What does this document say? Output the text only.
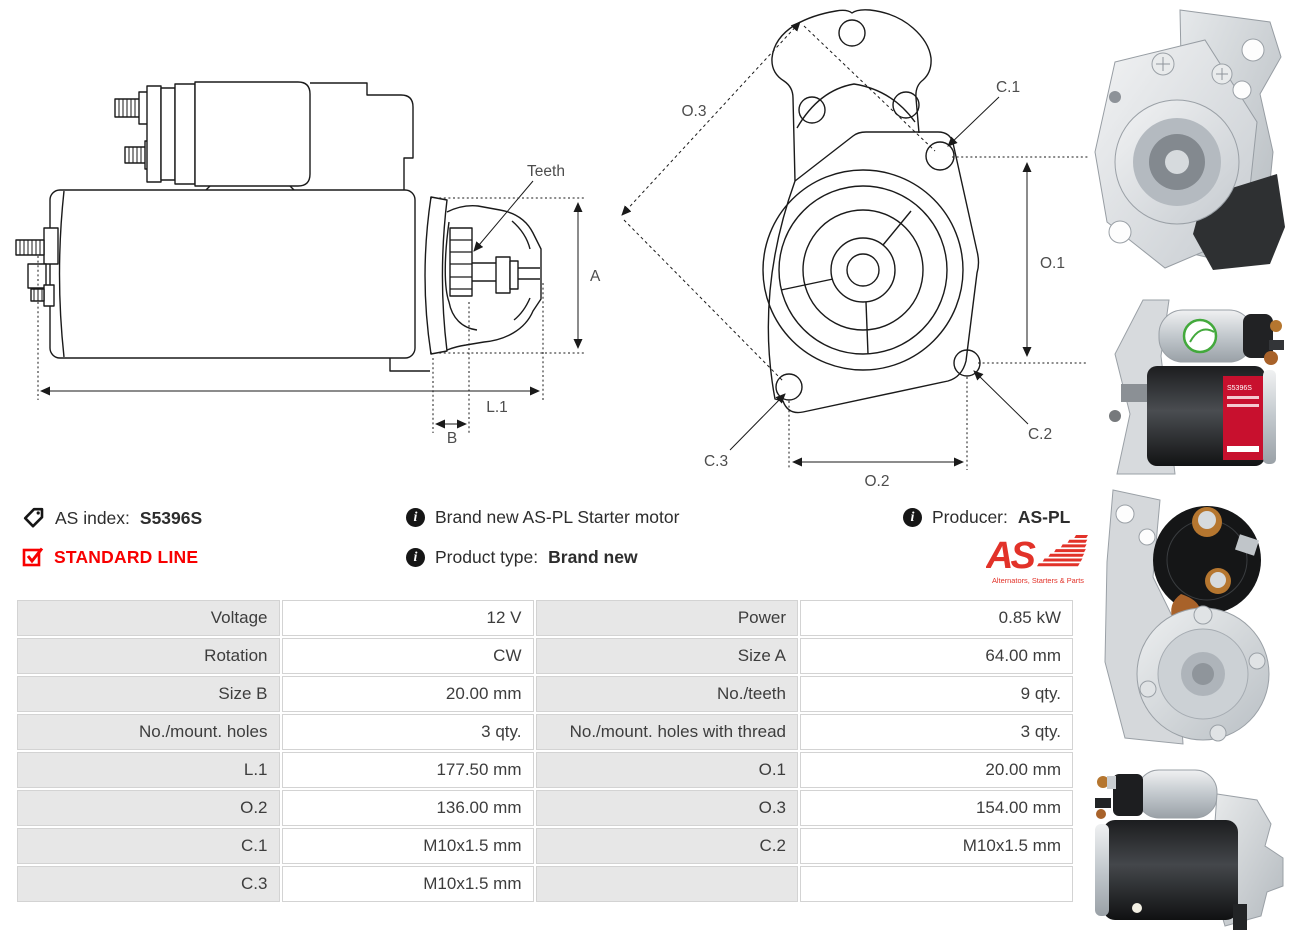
Teeth
A
L.1
B
O.3
C.1
O.1
C.2
C.3
O.2
S5396S
AS index: S5396S
STANDARD LINE
i	Brand new AS-PL Starter motor
i	Product type: Brand new
i	Producer: AS-PL
AS
Alternators, Starters & Parts
Voltage	12 V	Power	0.85 kW
Rotation	CW	Size A	64.00 mm
Size B	20.00 mm	No./teeth	9 qty.
No./mount. holes	3 qty.	No./mount. holes with thread	3 qty.
L.1	177.50 mm	O.1	20.00 mm
O.2	136.00 mm	O.3	154.00 mm
C.1	M10x1.5 mm	C.2	M10x1.5 mm
C.3	M10x1.5 mm		
